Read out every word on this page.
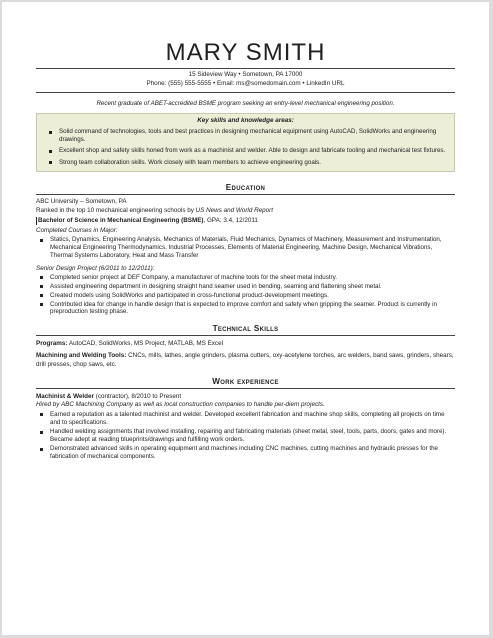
MARY SMITH
15 Sideview Way • Sometown, PA 17000
Phone: (555) 555-5555 • Email: ms@somedomain.com • LinkedIn URL
Recent graduate of ABET-accredited BSME program seeking an entry-level mechanical engineering position.
Key skills and knowledge areas:
Solid command of technologies, tools and best practices in designing mechanical equipment using AutoCAD, SolidWorks and engineering drawings.
Excellent shop and safety skills honed from work as a machinist and welder. Able to design and fabricate tooling and mechanical test fixtures.
Strong team collaboration skills. Work closely with team members to achieve engineering goals.
Education
ABC University – Sometown, PA
Ranked in the top 10 mechanical engineering schools by US News and World Report
Bachelor of Science in Mechanical Engineering (BSME), GPA: 3.4, 12/2011
Completed Courses in Major:
Statics, Dynamics, Engineering Analysis, Mechanics of Materials, Fluid Mechanics, Dynamics of Machinery, Measurement and Instrumentation, Mechanical Engineering Thermodynamics, Industrial Processes, Elements of Material Engineering, Machine Design, Mechanical Vibrations, Thermal Systems Laboratory, Heat and Mass Transfer
Senior Design Project (6/2011 to 12/2011):
Completed senior project at DEF Company, a manufacturer of machine tools for the sheet metal industry.
Assisted engineering department in designing straight hand seamer used in bending, seaming and flattening sheet metal.
Created models using SolidWorks and participated in cross-functional product-development meetings.
Contributed idea for change in handle design that is expected to improve comfort and safety when gripping the seamer. Product is currently in preproduction testing phase.
Technical Skills
Programs: AutoCAD, SolidWorks, MS Project, MATLAB, MS Excel
Machining and Welding Tools: CNCs, mills, lathes, angle grinders, plasma cutters, oxy-acetylene torches, arc welders, band saws, grinders, shears, drill presses, chop saws, etc.
Work experience
Machinist & Welder (contractor), 8/2010 to Present
Hired by ABC Machining Company as well as local construction companies to handle per-diem projects.
Earned a reputation as a talented machinist and welder. Developed excellent fabrication and machine shop skills, completing all projects on time and to specifications.
Handled welding assignments that involved installing, repairing and fabricating materials (sheet metal, steel, tools, parts, doors, gates and more). Became adept at reading blueprints/drawings and fulfilling work orders.
Demonstrated advanced skills in operating equipment and machines including CNC machines, cutting machines and hydraulic presses for the fabrication of mechanical components.
